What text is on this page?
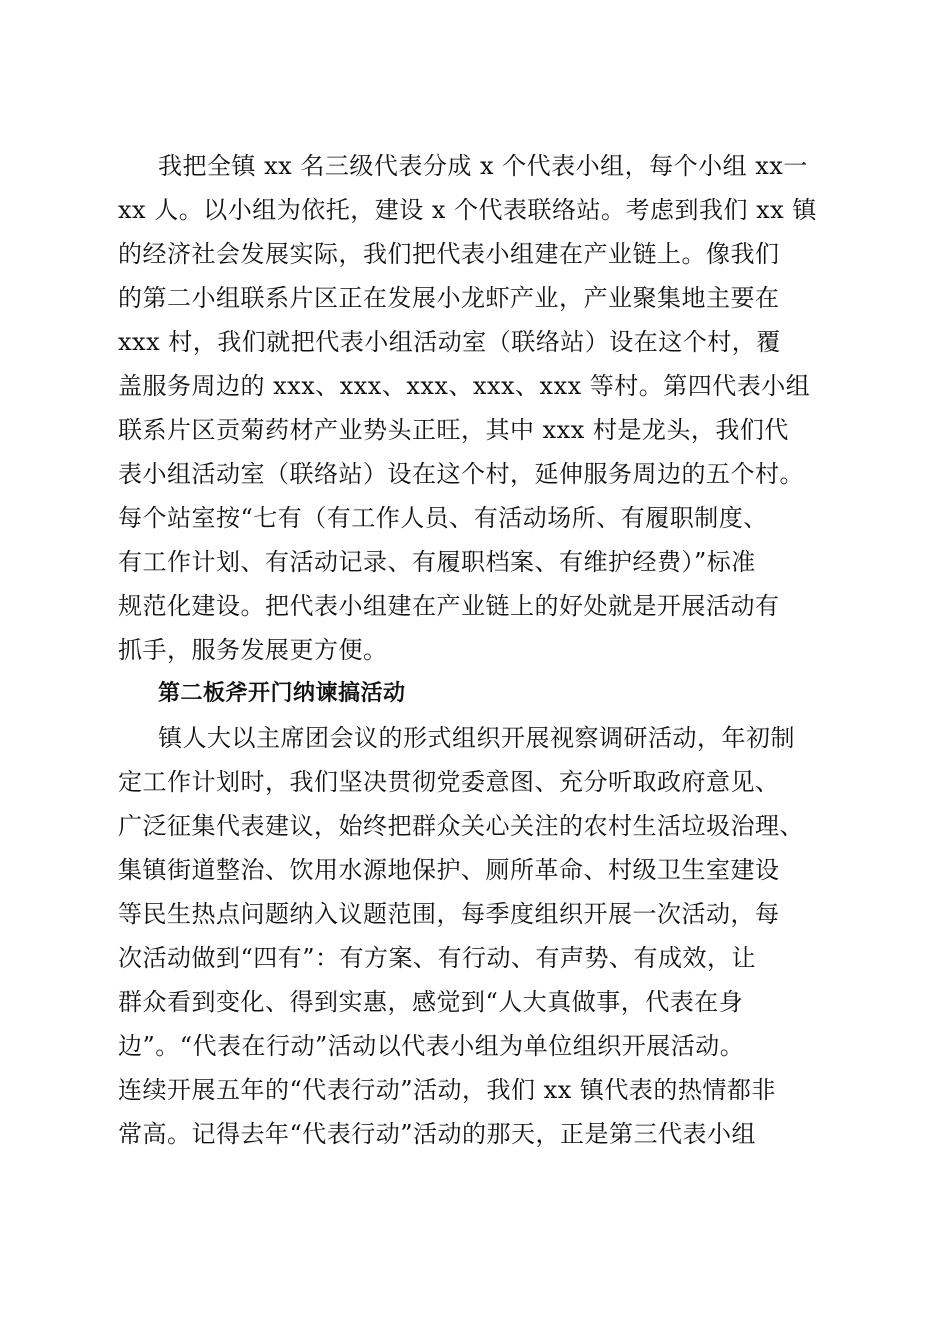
我把全镇 xx 名三级代表分成 x 个代表小组，每个小组 xx一
xx 人。以小组为依托，建设 x 个代表联络站。考虑到我们 xx 镇
的经济社会发展实际，我们把代表小组建在产业链上。像我们
的第二小组联系片区正在发展小龙虾产业，产业聚集地主要在
xxx 村，我们就把代表小组活动室（联络站）设在这个村，覆
盖服务周边的 xxx、xxx、xxx、xxx、xxx 等村。第四代表小组
联系片区贡菊药材产业势头正旺，其中 xxx 村是龙头，我们代
表小组活动室（联络站）设在这个村，延伸服务周边的五个村。
每个站室按“七有（有工作人员、有活动场所、有履职制度、
有工作计划、有活动记录、有履职档案、有维护经费）”标准
规范化建设。把代表小组建在产业链上的好处就是开展活动有
抓手，服务发展更方便。
第二板斧开门纳谏搞活动
镇人大以主席团会议的形式组织开展视察调研活动，年初制
定工作计划时，我们坚决贯彻党委意图、充分听取政府意见、
广泛征集代表建议，始终把群众关心关注的农村生活垃圾治理、
集镇街道整治、饮用水源地保护、厕所革命、村级卫生室建设
等民生热点问题纳入议题范围，每季度组织开展一次活动，每
次活动做到“四有”：有方案、有行动、有声势、有成效，让
群众看到变化、得到实惠，感觉到“人大真做事，代表在身
边”。“代表在行动”活动以代表小组为单位组织开展活动。
连续开展五年的“代表行动”活动，我们 xx 镇代表的热情都非
常高。记得去年“代表行动”活动的那天，正是第三代表小组
